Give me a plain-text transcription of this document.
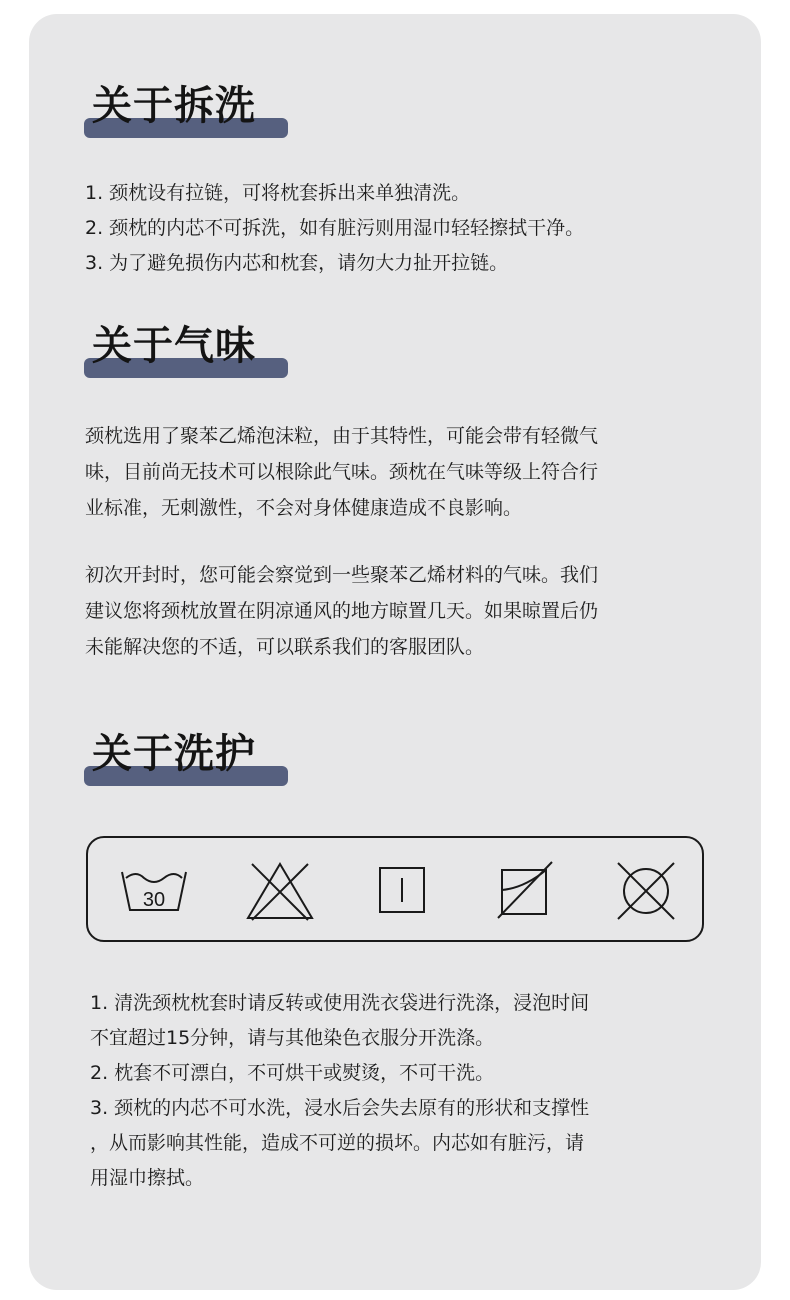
关于拆洗
1. 颈枕设有拉链，可将枕套拆出来单独清洗。
2. 颈枕的内芯不可拆洗，如有脏污则用湿巾轻轻擦拭干净。
3. 为了避免损伤内芯和枕套，请勿大力扯开拉链。
关于气味
颈枕选用了聚苯乙烯泡沫粒，由于其特性，可能会带有轻微气
味，目前尚无技术可以根除此气味。颈枕在气味等级上符合行
业标准，无刺激性，不会对身体健康造成不良影响。
初次开封时，您可能会察觉到一些聚苯乙烯材料的气味。我们
建议您将颈枕放置在阴凉通风的地方晾置几天。如果晾置后仍
未能解决您的不适，可以联系我们的客服团队。
关于洗护
30
1. 清洗颈枕枕套时请反转或使用洗衣袋进行洗涤，浸泡时间
不宜超过15分钟，请与其他染色衣服分开洗涤。
2. 枕套不可漂白，不可烘干或熨烫，不可干洗。
3. 颈枕的内芯不可水洗，浸水后会失去原有的形状和支撑性
，从而影响其性能，造成不可逆的损坏。内芯如有脏污，请
用湿巾擦拭。
